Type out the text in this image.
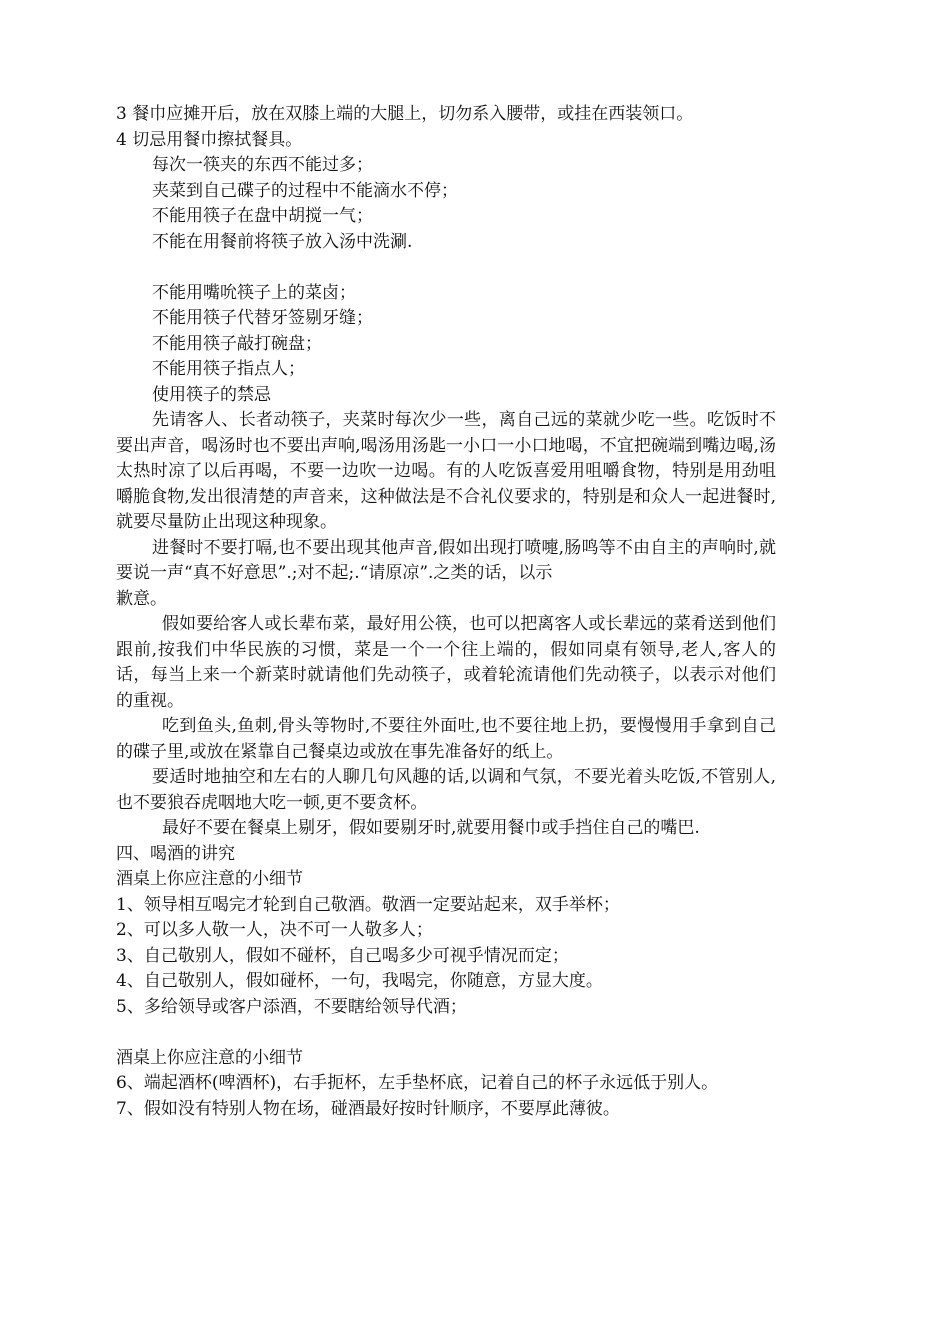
3 餐巾应摊开后，放在双膝上端的大腿上，切勿系入腰带，或挂在西装领口。
4 切忌用餐巾擦拭餐具。
每次一筷夹的东西不能过多；
夹菜到自己碟子的过程中不能滴水不停；
不能用筷子在盘中胡搅一气；
不能在用餐前将筷子放入汤中洗涮.
不能用嘴吮筷子上的菜卤；
不能用筷子代替牙签剔牙缝；
不能用筷子敲打碗盘；
不能用筷子指点人；
使用筷子的禁忌
先请客人、长者动筷子，夹菜时每次少一些，离自己远的菜就少吃一些。吃饭时不要出声音，喝汤时也不要出声响,喝汤用汤匙一小口一小口地喝，不宜把碗端到嘴边喝,汤太热时凉了以后再喝，不要一边吹一边喝。有的人吃饭喜爱用咀嚼食物，特别是用劲咀嚼脆食物,发出很清楚的声音来，这种做法是不合礼仪要求的，特别是和众人一起进餐时,就要尽量防止出现这种现象。
进餐时不要打嗝,也不要出现其他声音,假如出现打喷嚏,肠鸣等不由自主的声响时,就要说一声“真不好意思”.;对不起;.“请原凉”.之类的话，以示
歉意。
假如要给客人或长辈布菜，最好用公筷，也可以把离客人或长辈远的菜肴送到他们跟前,按我们中华民族的习惯，菜是一个一个往上端的，假如同桌有领导,老人,客人的话，每当上来一个新菜时就请他们先动筷子，或着轮流请他们先动筷子，以表示对他们的重视。
吃到鱼头,鱼刺,骨头等物时,不要往外面吐,也不要往地上扔，要慢慢用手拿到自己的碟子里,或放在紧靠自己餐桌边或放在事先准备好的纸上。
要适时地抽空和左右的人聊几句风趣的话,以调和气氛，不要光着头吃饭,不管别人,也不要狼吞虎咽地大吃一顿,更不要贪杯。
最好不要在餐桌上剔牙，假如要剔牙时,就要用餐巾或手挡住自己的嘴巴.
四、喝酒的讲究
酒桌上你应注意的小细节
1、领导相互喝完才轮到自己敬酒。敬酒一定要站起来，双手举杯；
2、可以多人敬一人，决不可一人敬多人；
3、自己敬别人，假如不碰杯，自己喝多少可视乎情况而定；
4、自己敬别人，假如碰杯，一句，我喝完，你随意，方显大度。
5、多给领导或客户添酒，不要瞎给领导代酒；
酒桌上你应注意的小细节
6、端起酒杯(啤酒杯)，右手扼杯，左手垫杯底，记着自己的杯子永远低于别人。
7、假如没有特别人物在场，碰酒最好按时针顺序，不要厚此薄彼。
